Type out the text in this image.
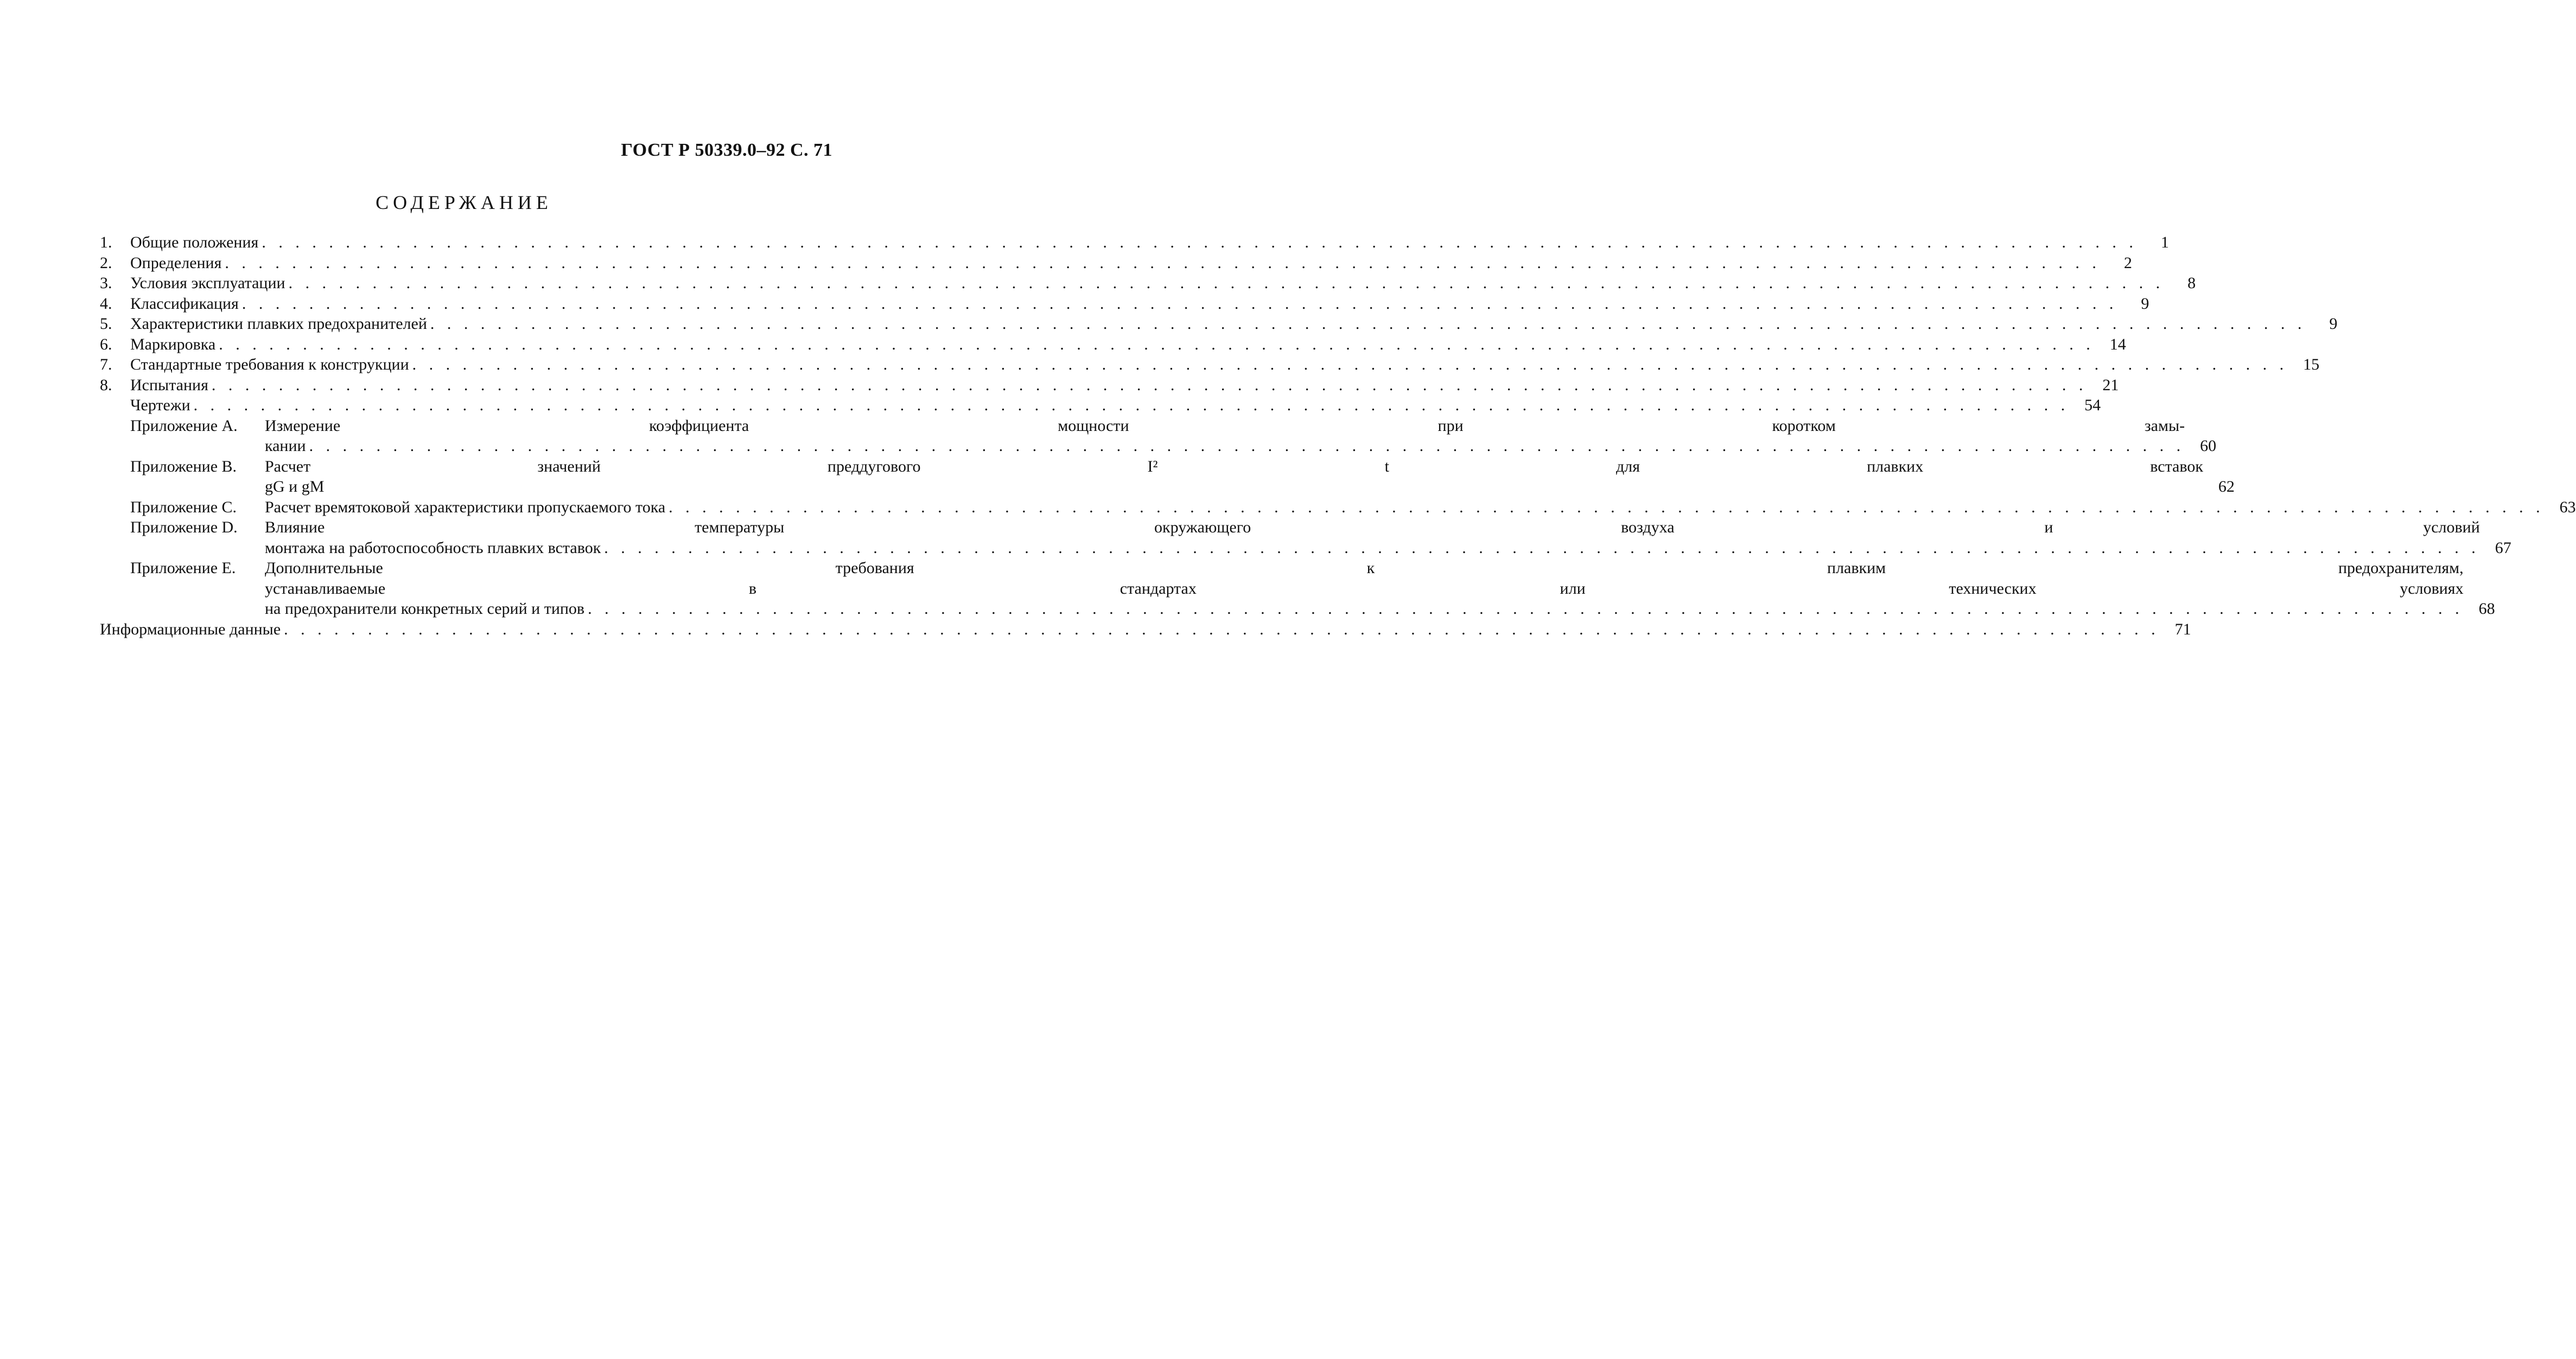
ГОСТ Р 50339.0–92 С. 71
СОДЕРЖАНИЕ
1.	Общие положения . . .	1
2.	Определения . . .	2
3.	Условия эксплуатации . . .	8
4.	Классификация . . .	9
5.	Характеристики плавких предохранителей . . .	9
6.	Маркировка . . .	14
7.	Стандартные требования к конструкции . . .	15
8.	Испытания . . .	21
Чертежи . . .	54
Приложение А.	Измерение коэффициента мощности при коротком замы-
кании . . .	60
Приложение В.	Расчет значений преддугового I² t для плавких вставок
gG и gM	62
Приложение С.	Расчет времятоковой характеристики пропускаемого тока . . .	63
Приложение D.	Влияние температуры окружающего воздуха и условий
монтажа на работоспособность плавких вставок . . .	67
Приложение Е.	Дополнительные требования к плавким предохранителям,
устанавливаемые в стандартах или технических условиях
на предохранители конкретных серий и типов . . .	68
Информационные данные . . .	71
